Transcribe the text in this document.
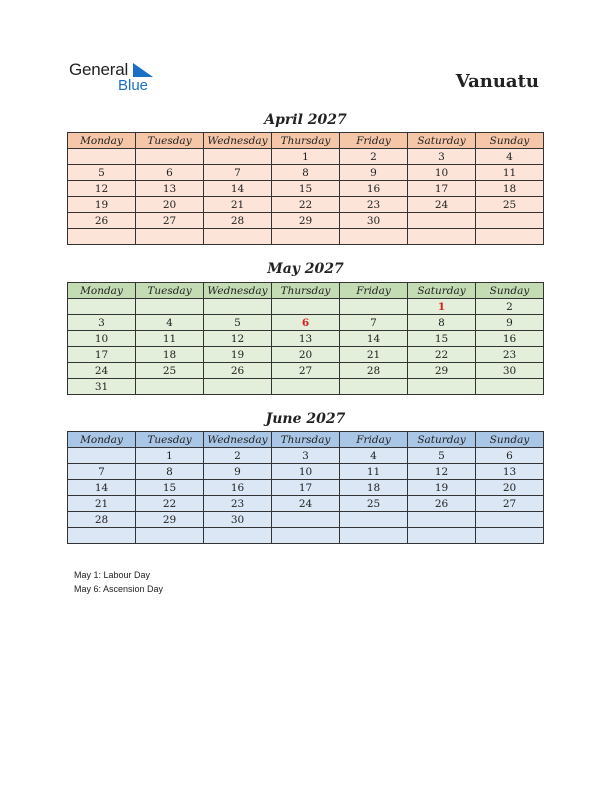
General
Blue	Vanuatu
April 2027
Monday	Tuesday	Wednesday	Thursday	Friday	Saturday	Sunday
			1	2	3	4
5	6	7	8	9	10	11
12	13	14	15	16	17	18
19	20	21	22	23	24	25
26	27	28	29	30		

May 2027
Monday	Tuesday	Wednesday	Thursday	Friday	Saturday	Sunday
					1	2
3	4	5	6	7	8	9
10	11	12	13	14	15	16
17	18	19	20	21	22	23
24	25	26	27	28	29	30
31						
June 2027
Monday	Tuesday	Wednesday	Thursday	Friday	Saturday	Sunday
	1	2	3	4	5	6
7	8	9	10	11	12	13
14	15	16	17	18	19	20
21	22	23	24	25	26	27
28	29	30				

May 1: Labour Day
May 6: Ascension Day
